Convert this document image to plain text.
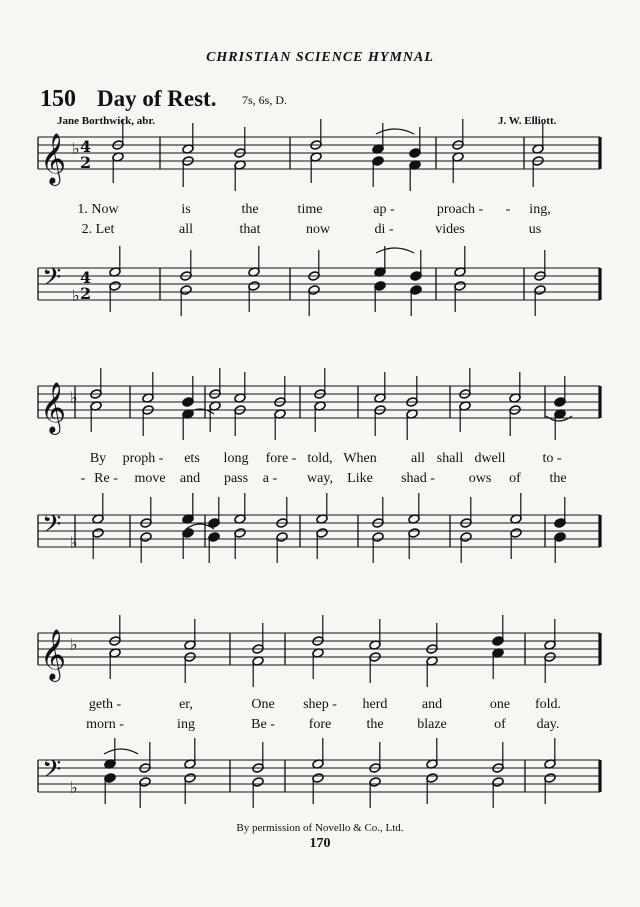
CHRISTIAN SCIENCE HYMNAL
150 Day of Rest. 7s, 6s, D.
Jane Borthwick, abr.	J. W. Elliott.
𝄞
𝄢
♭
♭
4
2
4
2
𝄞
𝄢
♭
♭
𝄞
𝄢
♭
♭
1. Now	is	the	time	ap -	proach - - ing,
2. Let	all	that	now	di -	vides	us
By proph - ets long fore - told, When all shall dwell	to -
- Re - move and pass a - way, Like shad - ows of the
geth -	er,	One shep - herd and	one fold.
morn -	ing	Be - fore	the blaze	of day.
By permission of Novello & Co., Ltd.
170
